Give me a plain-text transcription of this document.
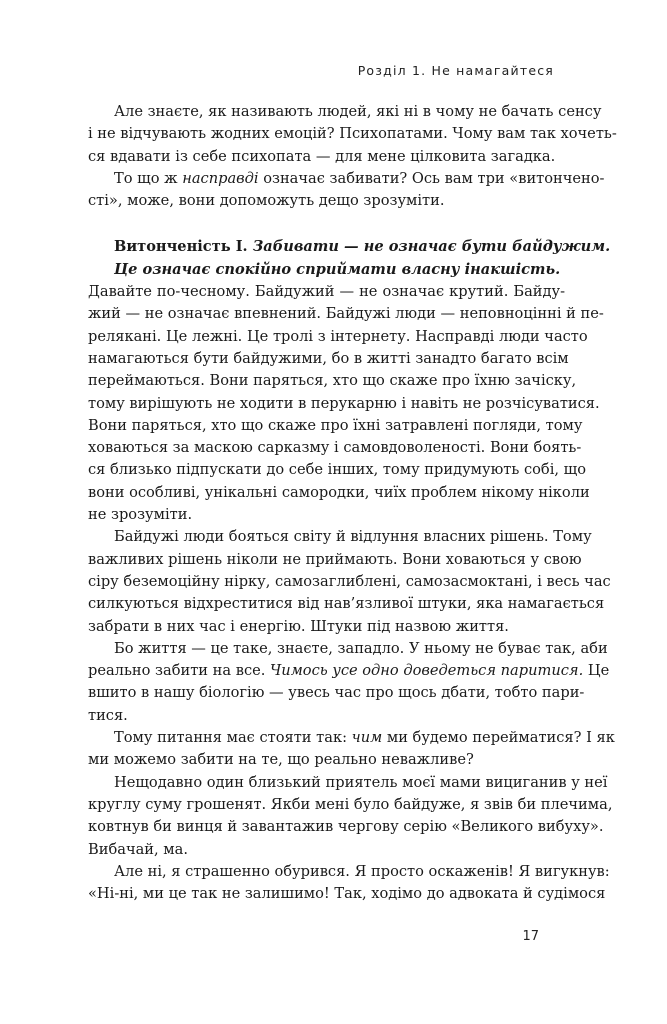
Розділ 1. Не намагайтеся
Але знаєте, як називають людей, які ні в чому не бачать сенсу
і не відчувають жодних емоцій? Психопатами. Чому вам так хочеть-
ся вдавати із себе психопата — для мене цілковита загадка.
То що ж насправді означає забивати? Ось вам три «витончено-
сті», може, вони допоможуть дещо зрозуміти.
Витонченість I. Забивати — не означає бути байдужим.
Це означає спокійно сприймати власну інакшість.
Давайте по-чесному. Байдужий — не означає крутий. Байду-
жий — не означає впевнений. Байдужі люди — неповноцінні й пе-
релякані. Це лежні. Це тролі з інтернету. Насправді люди часто
намагаються бути байдужими, бо в житті занадто багато всім
переймаються. Вони паряться, хто що скаже про їхню зачіску,
тому вирішують не ходити в перукарню і навіть не розчісуватися.
Вони паряться, хто що скаже про їхні затравлені погляди, тому
ховаються за маскою сарказму і самовдоволеності. Вони боять-
ся близько підпускати до себе інших, тому придумують собі, що
вони особливі, унікальні самородки, чиїх проблем нікому ніколи
не зрозуміти.
Байдужі люди бояться світу й відлуння власних рішень. Тому
важливих рішень ніколи не приймають. Вони ховаються у свою
сіру беземоційну нірку, самозаглиблені, самозасмоктані, і весь час
силкуються відхреститися від нав’язливої штуки, яка намагається
забрати в них час і енергію. Штуки під назвою життя.
Бо життя — це таке, знаєте, западло. У ньому не буває так, аби
реально забити на все. Чимось усе одно доведеться паритися. Це
вшито в нашу біологію — увесь час про щось дбати, тобто пари-
тися.
Тому питання має стояти так: чим ми будемо перейматися? І як
ми можемо забити на те, що реально неважливе?
Нещодавно один близький приятель моєї мами вициганив у неї
круглу суму грошенят. Якби мені було байдуже, я звів би плечима,
ковтнув би винця й завантажив чергову серію «Великого вибуху».
Вибачай, ма.
Але ні, я страшенно обурився. Я просто оскаженів! Я вигукнув:
«Ні-ні, ми це так не залишимо! Так, ходімо до адвоката й судімося
17
